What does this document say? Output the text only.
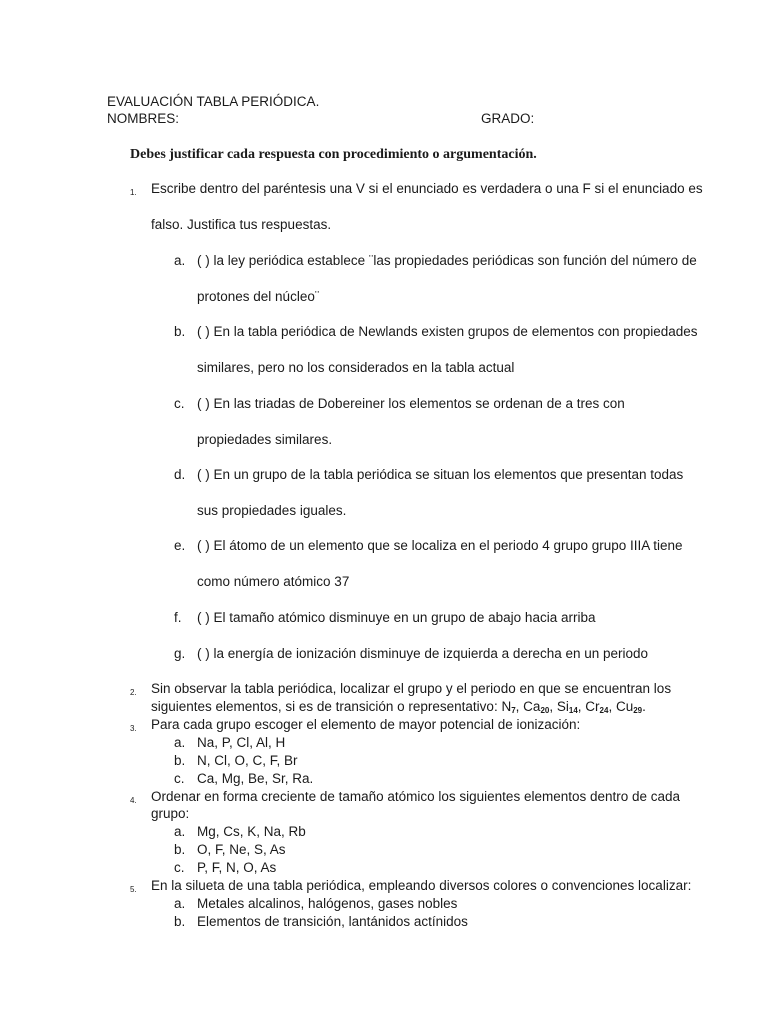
EVALUACIÓN TABLA PERIÓDICA.
NOMBRES:	GRADO:
Debes justificar cada respuesta con procedimiento o argumentación.
1. Escribe dentro del paréntesis una V si el enunciado es verdadera o una F si el enunciado es
falso. Justifica tus respuestas.
a. ( ) la ley periódica establece ¨las propiedades periódicas son función del número de
protones del núcleo¨
b. ( ) En la tabla periódica de Newlands existen grupos de elementos con propiedades
similares, pero no los considerados en la tabla actual
c. ( ) En las triadas de Dobereiner los elementos se ordenan de a tres con
propiedades similares.
d. ( ) En un grupo de la tabla periódica se situan los elementos que presentan todas
sus propiedades iguales.
e. ( ) El átomo de un elemento que se localiza en el periodo 4 grupo grupo IIIA tiene
como número atómico 37
f. ( ) El tamaño atómico disminuye en un grupo de abajo hacia arriba
g. ( ) la energía de ionización disminuye de izquierda a derecha en un periodo
2. Sin observar la tabla periódica, localizar el grupo y el periodo en que se encuentran los
siguientes elementos, si es de transición o representativo: $N_7$, $Ca_{20}$, $Si_{14}$, $Cr_{24}$, $Cu_{29}$.
3. Para cada grupo escoger el elemento de mayor potencial de ionización:
a. Na, P, Cl, Al, H
b. N, Cl, O, C, F, Br
c. Ca, Mg, Be, Sr, Ra.
4. Ordenar en forma creciente de tamaño atómico los siguientes elementos dentro de cada
grupo:
a. Mg, Cs, K, Na, Rb
b. O, F, Ne, S, As
c. P, F, N, O, As
5. En la silueta de una tabla periódica, empleando diversos colores o convenciones localizar:
a. Metales alcalinos, halógenos, gases nobles
b. Elementos de transición, lantánidos actínidos
